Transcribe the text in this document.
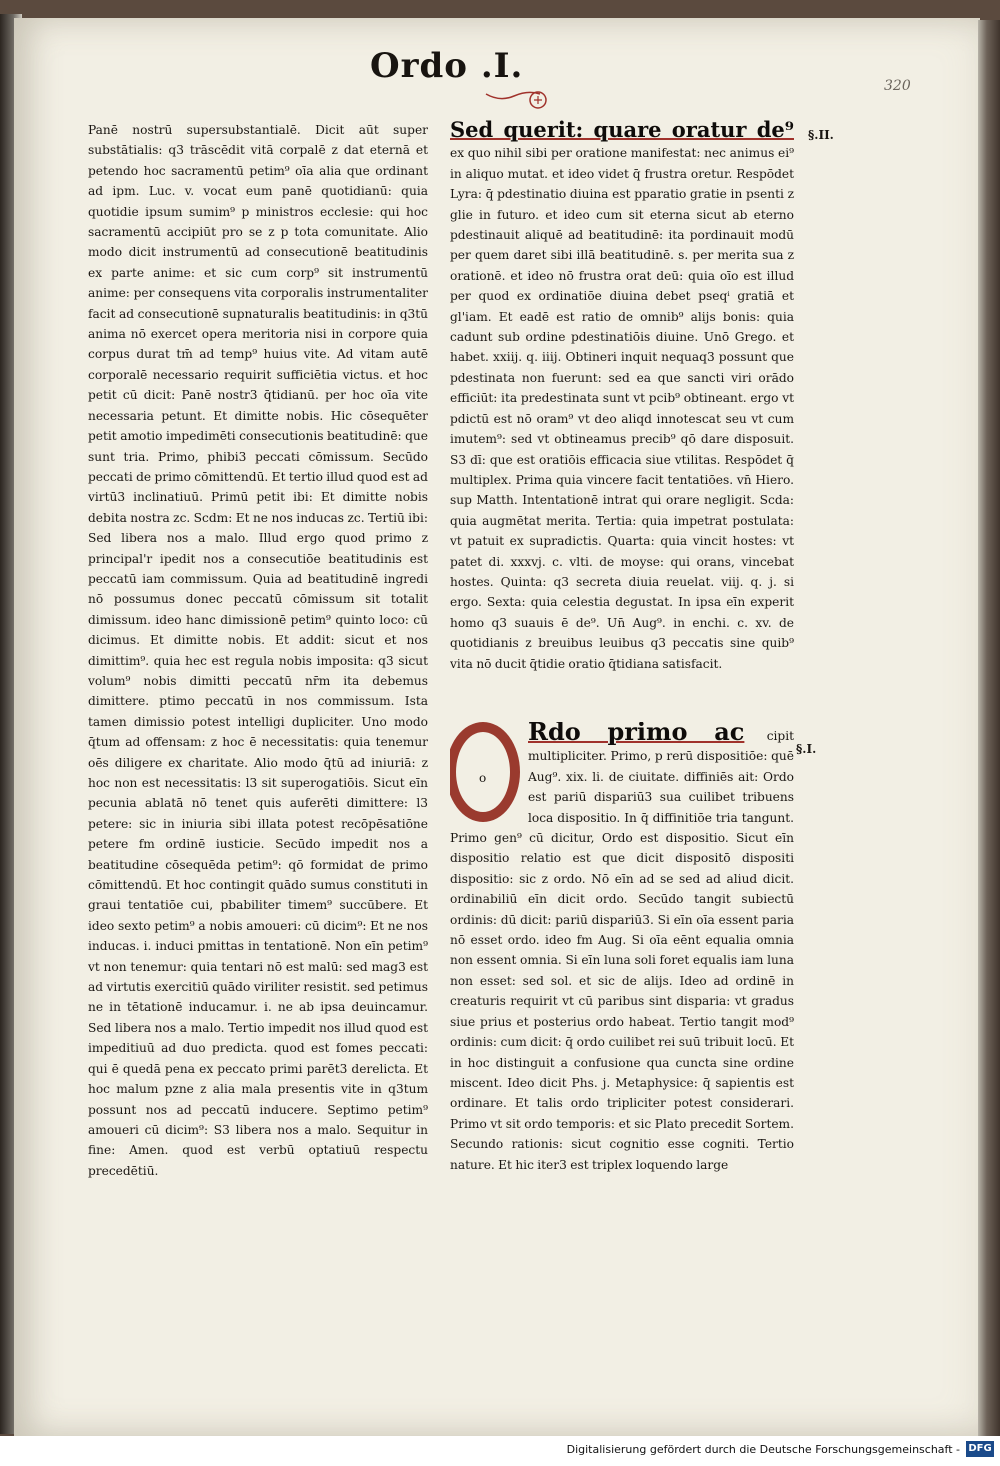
Ordo .I.	320

Panē nostrū supersubstantialē. Dicit aūt super substātialis: q3 trāscēdit vitā corpalē z dat eternā et petendo hoc sacramentū petim⁹ oīa alia que ordinant ad ipm. Luc. v. vocat eum panē quotidianū: quia quotidie ipsum sumim⁹ p ministros ecclesie: qui hoc sacramentū accipiūt pro se z p tota comunitate. Alio modo dicit instrumentū ad consecutionē beatitudinis ex parte anime: et sic cum corp⁹ sit instrumentū anime: per consequens vita corporalis instrumentaliter facit ad consecutionē supnaturalis beatitudinis: in q3tū anima nō exercet opera meritoria nisi in corpore quia corpus durat tm̄ ad temp⁹ huius vite. Ad vitam autē corporalē necessario requirit sufficiētia victus. et hoc petit cū dicit: Panē nostr3 q̄tidianū. per hoc oīa vite necessaria petunt. Et dimitte nobis. Hic cōsequēter petit amotio impedimēti consecutionis beatitudinē: que sunt tria. Primo, phibi3 peccati cōmissum. Secūdo peccati de primo cōmittendū. Et tertio illud quod est ad virtū3 inclinatiuū. Primū petit ibi: Et dimitte nobis debita nostra zc. Scdm: Et ne nos inducas zc. Tertiū ibi: Sed libera nos a malo. Illud ergo quod primo z principal'r ipedit nos a consecutiōe beatitudinis est peccatū iam commissum. Quia ad beatitudinē ingredi nō possumus donec peccatū cōmissum sit totalit dimissum. ideo hanc dimissionē petim⁹ quinto loco: cū dicimus. Et dimitte nobis. Et addit: sicut et nos dimittim⁹. quia hec est regula nobis imposita: q3 sicut volum⁹ nobis dimitti peccatū nr̄m ita debemus dimittere. ptimo peccatū in nos commissum. Ista tamen dimissio potest intelligi dupliciter. Uno modo q̄tum ad offensam: z hoc ē necessitatis: quia tenemur oēs diligere ex charitate. Alio modo q̄tū ad iniuriā: z hoc non est necessitatis: l3 sit superogatiōis. Sicut eīn pecunia ablatā nō tenet quis auferēti dimittere: l3 petere: sic in iniuria sibi illata potest recōpēsatiōne petere fm ordinē iusticie. Secūdo impedit nos a beatitudine cōsequēda petim⁹: qō formidat de primo cōmittendū. Et hoc contingit quādo sumus constituti in graui tentatiōe cui, pbabiliter timem⁹ succūbere. Et ideo sexto petim⁹ a nobis amoueri: cū dicim⁹: Et ne nos inducas. i. induci pmittas in tentationē. Non eīn petim⁹ vt non tenemur: quia tentari nō est malū: sed mag3 est ad virtutis exercitiū quādo viriliter resistit. sed petimus ne in tētationē inducamur. i. ne ab ipsa deuincamur. Sed libera nos a malo. Tertio impedit nos illud quod est impeditiuū ad duo predicta. quod est fomes peccati: qui ē quedā pena ex peccato primi parēt3 derelicta. Et hoc malum pzne z alia mala presentis vite in q3tum possunt nos ad peccatū inducere. Septimo petim⁹ amoueri cū dicim⁹: S3 libera nos a malo. Sequitur in fine: Amen. quod est verbū optatiuū respectu precedētiū.

Sed querit: quare oratur de⁹ ex quo nihil sibi per oratione manifestat: nec animus ei⁹ in aliquo mutat. et ideo videt q̄ frustra oretur. Respōdet Lyra: q̄ pdestinatio diuina est pparatio gratie in psenti z glie in futuro. et ideo cum sit eterna sicut ab eterno pdestinauit aliquē ad beatitudinē: ita pordinauit modū per quem daret sibi illā beatitudinē. s. per merita sua z orationē. et ideo nō frustra orat deū: quia oīo est illud per quod ex ordinatiōe diuina debet pseqⁱ gratiā et gl'iam. Et eadē est ratio de omnib⁹ alijs bonis: quia cadunt sub ordine pdestinatiōis diuine. Unō Grego. et habet. xxiij. q. iiij. Obtineri inquit nequaq3 possunt que pdestinata non fuerunt: sed ea que sancti viri orādo efficiūt: ita predestinata sunt vt pcib⁹ obtineant. ergo vt pdictū est nō oram⁹ vt deo aliqd innotescat seu vt cum imutem⁹: sed vt obtineamus precib⁹ qō dare disposuit. S3 dī: que est oratiōis efficacia siue vtilitas. Respōdet q̄ multiplex. Prima quia vincere facit tentatiōes. vn̄ Hiero. sup Matth. Intentationē intrat qui orare negligit. Scda: quia augmētat merita. Tertia: quia impetrat postulata: vt patuit ex supradictis. Quarta: quia vincit hostes: vt patet di. xxxvj. c. vlti. de moyse: qui orans, vincebat hostes. Quinta: q3 secreta diuia reuelat. viij. q. j. si ergo. Sexta: quia celestia degustat. In ipsa eīn experit homo q3 suauis ē de⁹. Un̄ Aug⁹. in enchi. c. xv. de quotidianis z breuibus leuibus q3 peccatis sine quib⁹ vita nō ducit q̄tidie oratio q̄tidiana satisfacit.

§.II.
o

Rdo primo ac cipit multipliciter. Primo, p rerū dispositiōe: quē Aug⁹. xix. li. de ciuitate. diffiniēs ait: Ordo est pariū dispariū3 sua cuilibet tribuens loca dispositio. In q̄ diffinitiōe tria tangunt. Primo gen⁹ cū dicitur, Ordo est dispositio. Sicut eīn dispositio relatio est que dicit dispositō dispositi dispositio: sic z ordo. Nō eīn ad se sed ad aliud dicit. ordinabiliū eīn dicit ordo. Secūdo tangit subiectū ordinis: dū dicit: pariū dispariū3. Si eīn oīa essent paria nō esset ordo. ideo fm Aug. Si oīa eēnt equalia omnia non essent omnia. Si eīn luna soli foret equalis iam luna non esset: sed sol. et sic de alijs. Ideo ad ordinē in creaturis requirit vt cū paribus sint disparia: vt gradus siue prius et posterius ordo habeat. Tertio tangit mod⁹ ordinis: cum dicit: q̄ ordo cuilibet rei suū tribuit locū. Et in hoc distinguit a confusione qua cuncta sine ordine miscent. Ideo dicit Phs. j. Metaphysice: q̄ sapientis est ordinare. Et talis ordo tripliciter potest considerari. Primo vt sit ordo temporis: et sic Plato precedit Sortem. Secundo rationis: sicut cognitio esse cogniti. Tertio nature. Et hic iter3 est triplex loquendo large

§.I.
Digitalisierung gefördert durch die Deutsche Forschungsgemeinschaft - DFG
